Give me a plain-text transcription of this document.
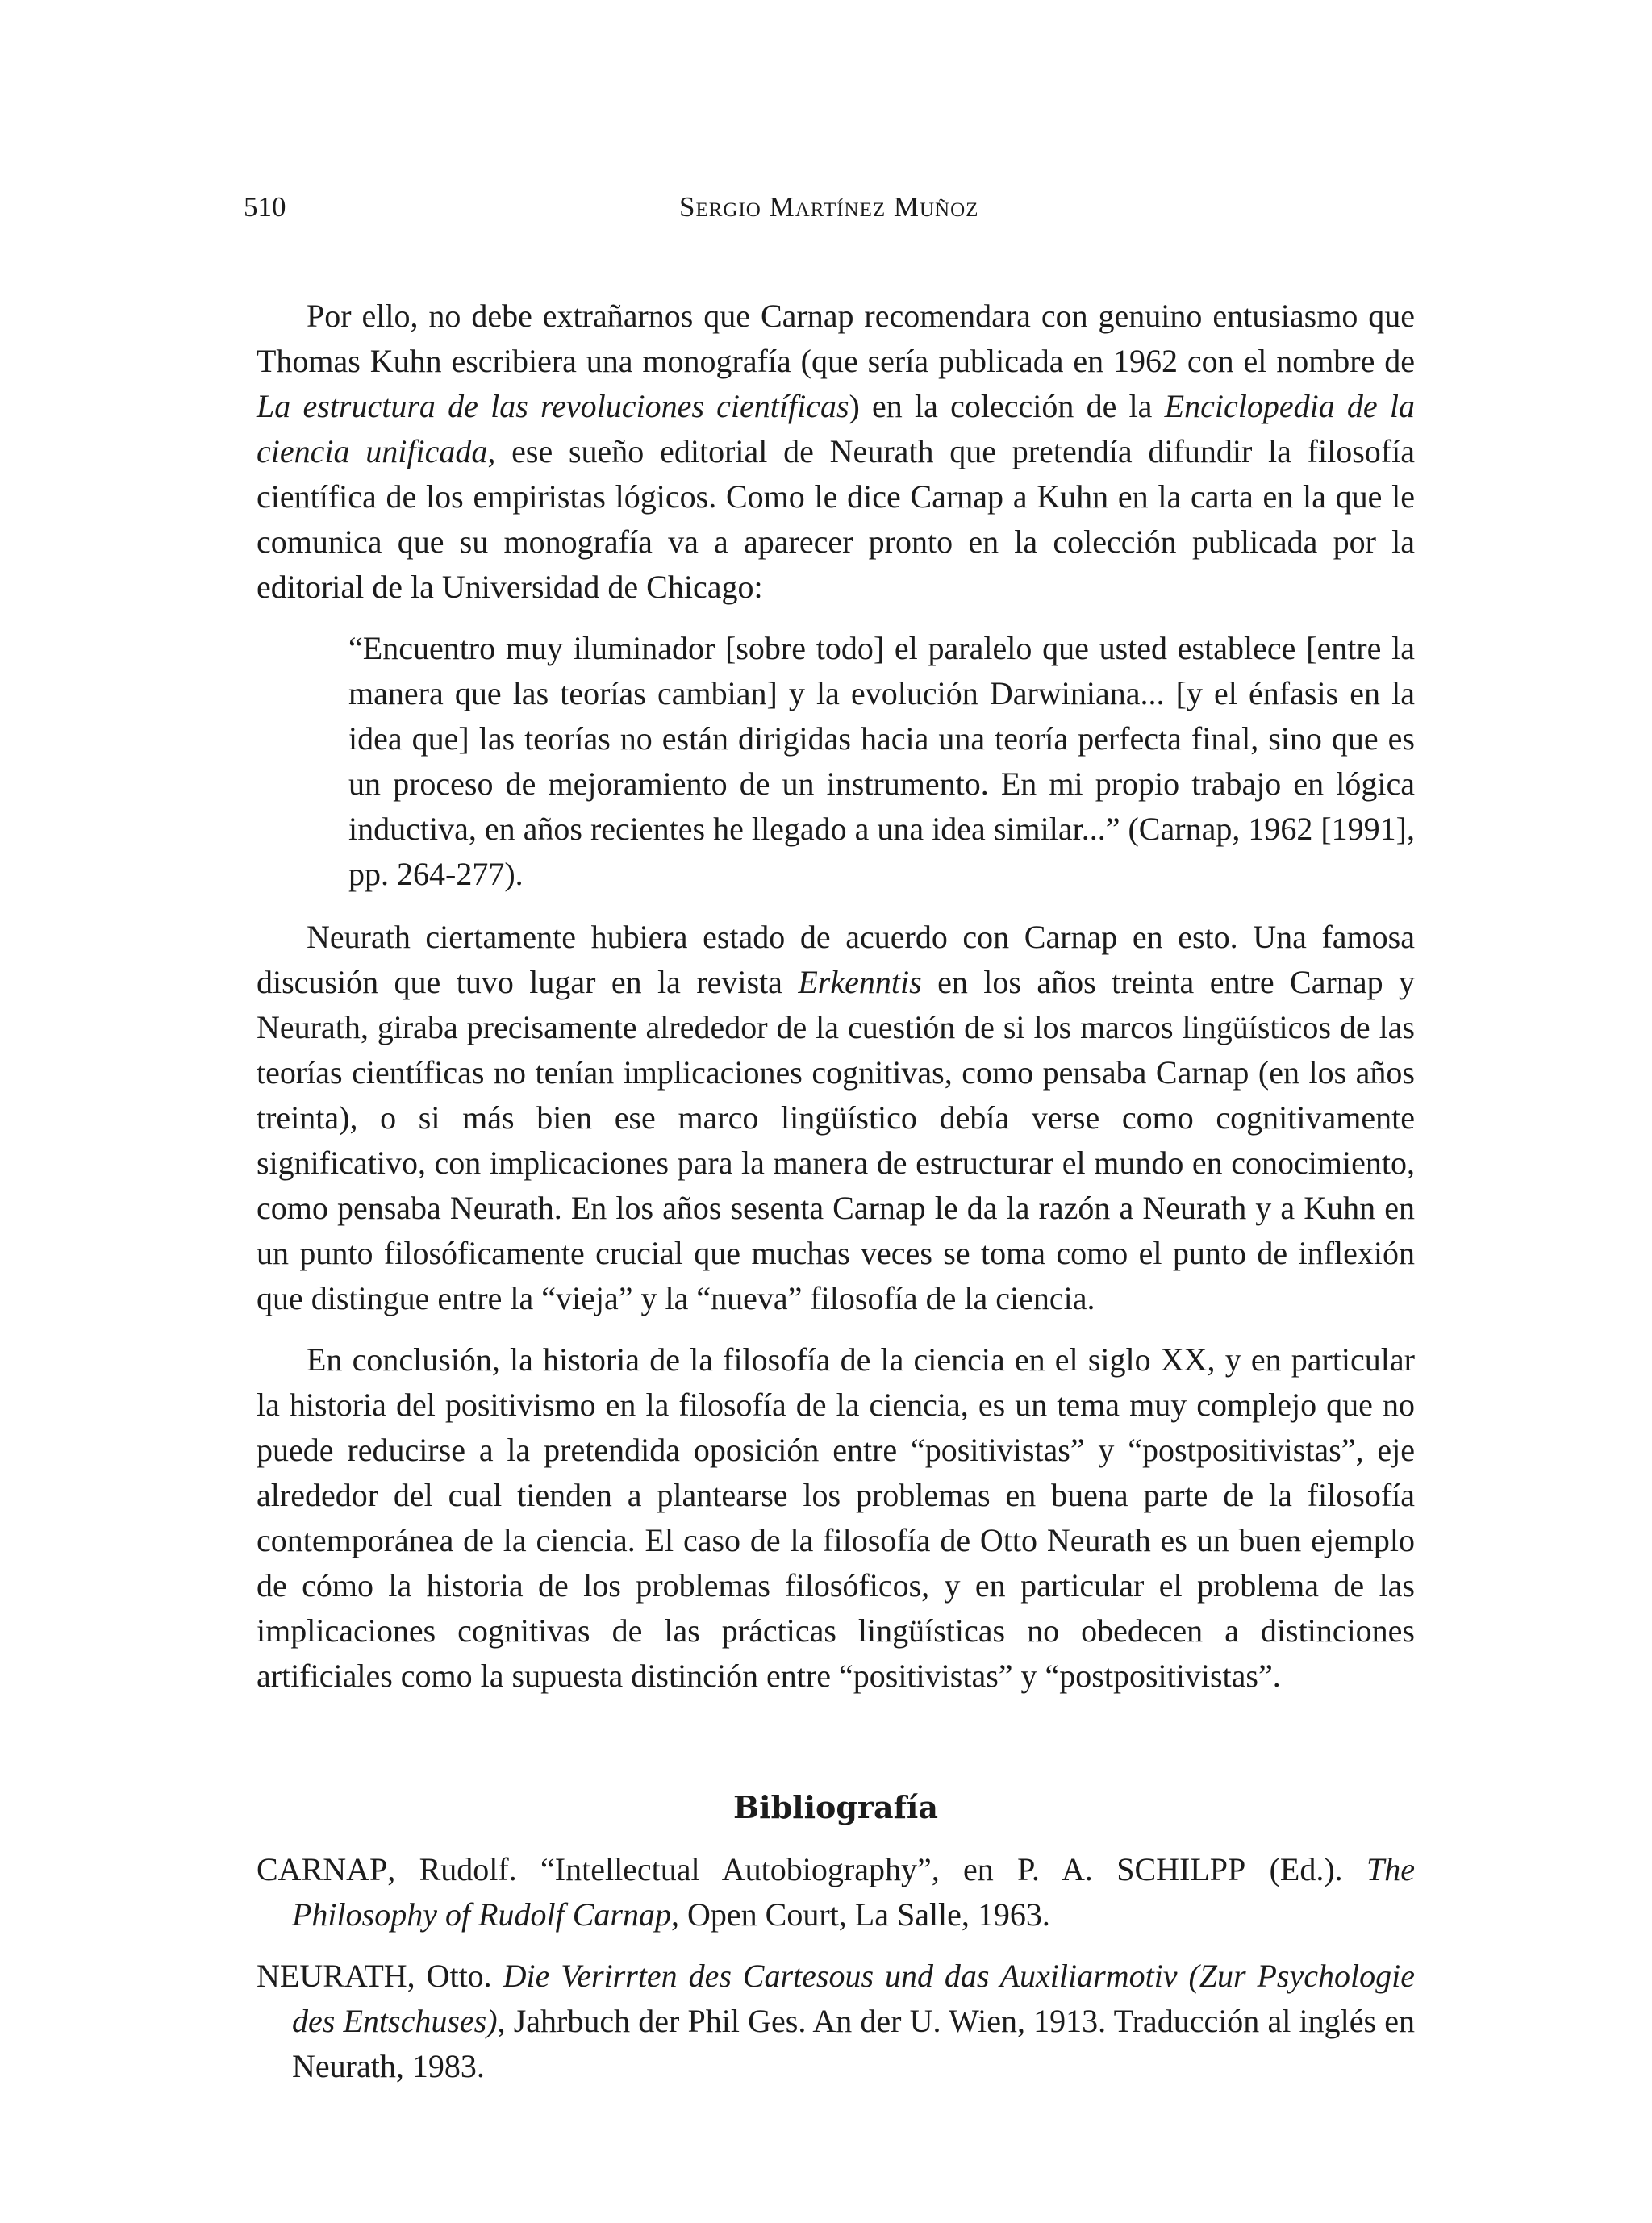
510	Sergio Martínez Muñoz

Por ello, no debe extrañarnos que Carnap recomendara con genuino entusiasmo que Thomas Kuhn escribiera una monografía (que sería publicada en 1962 con el nombre de La estructura de las revoluciones científicas) en la colección de la Enciclopedia de la ciencia unificada, ese sueño editorial de Neurath que pretendía difundir la filosofía científica de los empiristas lógicos. Como le dice Carnap a Kuhn en la carta en la que le comunica que su monografía va a aparecer pronto en la colección publicada por la editorial de la Universidad de Chicago:

“Encuentro muy iluminador [sobre todo] el paralelo que usted establece [entre la manera que las teorías cambian] y la evolución Darwiniana... [y el énfasis en la idea que] las teorías no están dirigidas hacia una teoría perfecta final, sino que es un proceso de mejoramiento de un instrumento. En mi propio trabajo en lógica inductiva, en años recientes he llegado a una idea similar...” (Carnap, 1962 [1991], pp. 264-277).

Neurath ciertamente hubiera estado de acuerdo con Carnap en esto. Una famosa discusión que tuvo lugar en la revista Erkenntis en los años treinta entre Carnap y Neurath, giraba precisamente alrededor de la cuestión de si los marcos lingüísticos de las teorías científicas no tenían implicaciones cognitivas, como pensaba Carnap (en los años treinta), o si más bien ese marco lingüístico debía verse como cognitivamente significativo, con implicaciones para la manera de estructurar el mundo en conocimiento, como pensaba Neurath. En los años sesenta Carnap le da la razón a Neurath y a Kuhn en un punto filosóficamente crucial que muchas veces se toma como el punto de inflexión que distingue entre la “vieja” y la “nueva” filosofía de la ciencia.

En conclusión, la historia de la filosofía de la ciencia en el siglo XX, y en particular la historia del positivismo en la filosofía de la ciencia, es un tema muy complejo que no puede reducirse a la pretendida oposición entre “positivistas” y “postpositivistas”, eje alrededor del cual tienden a plantearse los problemas en buena parte de la filosofía contemporánea de la ciencia. El caso de la filosofía de Otto Neurath es un buen ejemplo de cómo la historia de los problemas filosóficos, y en particular el problema de las implicaciones cognitivas de las prácticas lingüísticas no obedecen a distinciones artificiales como la supuesta distinción entre “positivistas” y “postpositivistas”.

Bibliografía

CARNAP, Rudolf. “Intellectual Autobiography”, en P. A. SCHILPP (Ed.). The Philosophy of Rudolf Carnap, Open Court, La Salle, 1963.

NEURATH, Otto. Die Verirrten des Cartesous und das Auxiliarmotiv (Zur Psychologie des Entschuses), Jahrbuch der Phil Ges. An der U. Wien, 1913. Traducción al inglés en Neurath, 1983.
